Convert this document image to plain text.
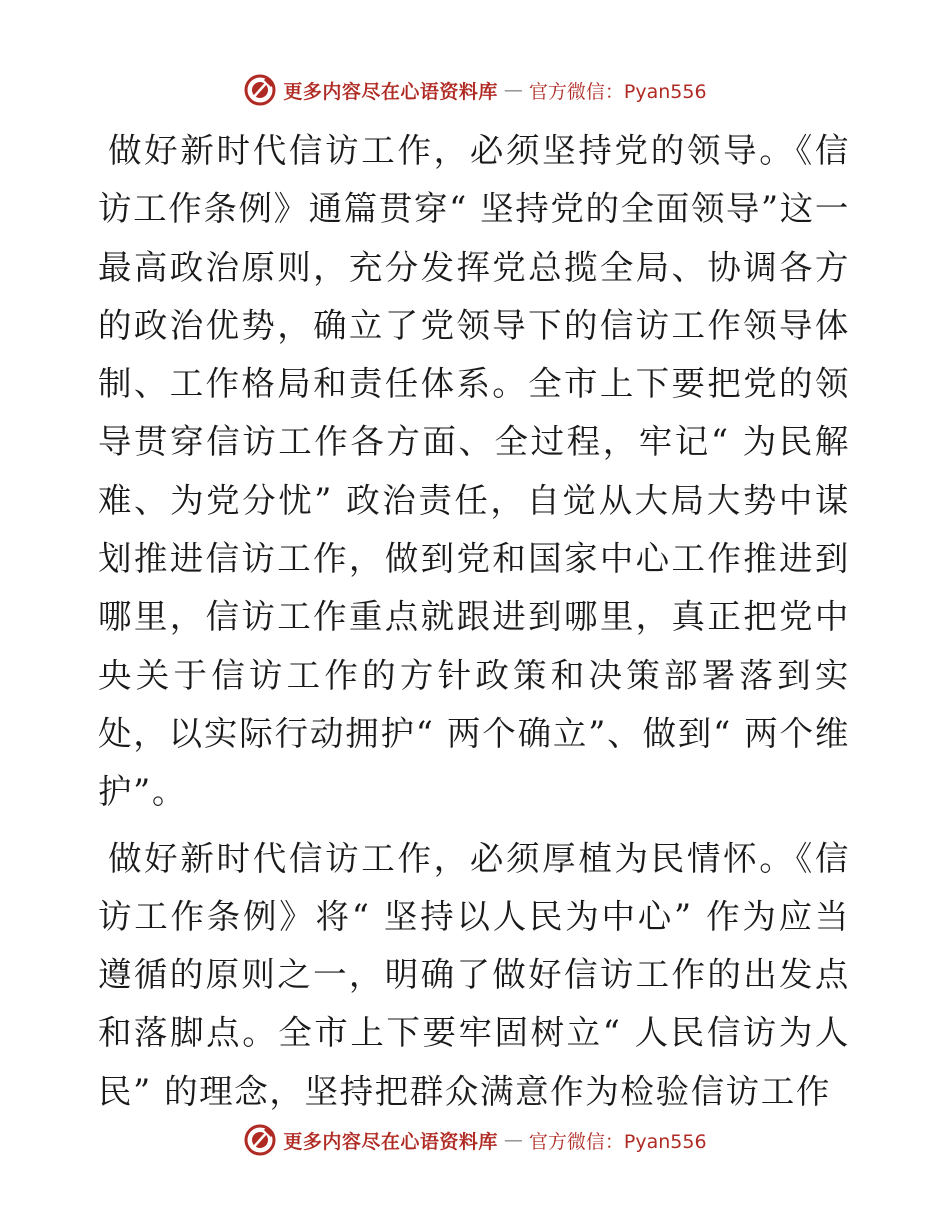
更多内容尽在心语资料库 — 官方微信：Pyan556

做好新时代信访工作，必须坚持党的领导。《信访工作条例》通篇贯穿“ 坚持党的全面领导”这一最高政治原则，充分发挥党总揽全局、协调各方的政治优势，确立了党领导下的信访工作领导体制、工作格局和责任体系。全市上下要把党的领导贯穿信访工作各方面、全过程，牢记“ 为民解难、为党分忧” 政治责任，自觉从大局大势中谋划推进信访工作，做到党和国家中心工作推进到哪里，信访工作重点就跟进到哪里，真正把党中央关于信访工作的方针政策和决策部署落到实处，以实际行动拥护“ 两个确立”、做到“ 两个维护”。

做好新时代信访工作，必须厚植为民情怀。《信访工作条例》将“ 坚持以人民为中心” 作为应当遵循的原则之一，明确了做好信访工作的出发点和落脚点。全市上下要牢固树立“ 人民信访为人民” 的理念，坚持把群众满意作为检验信访工作

更多内容尽在心语资料库 — 官方微信：Pyan556
